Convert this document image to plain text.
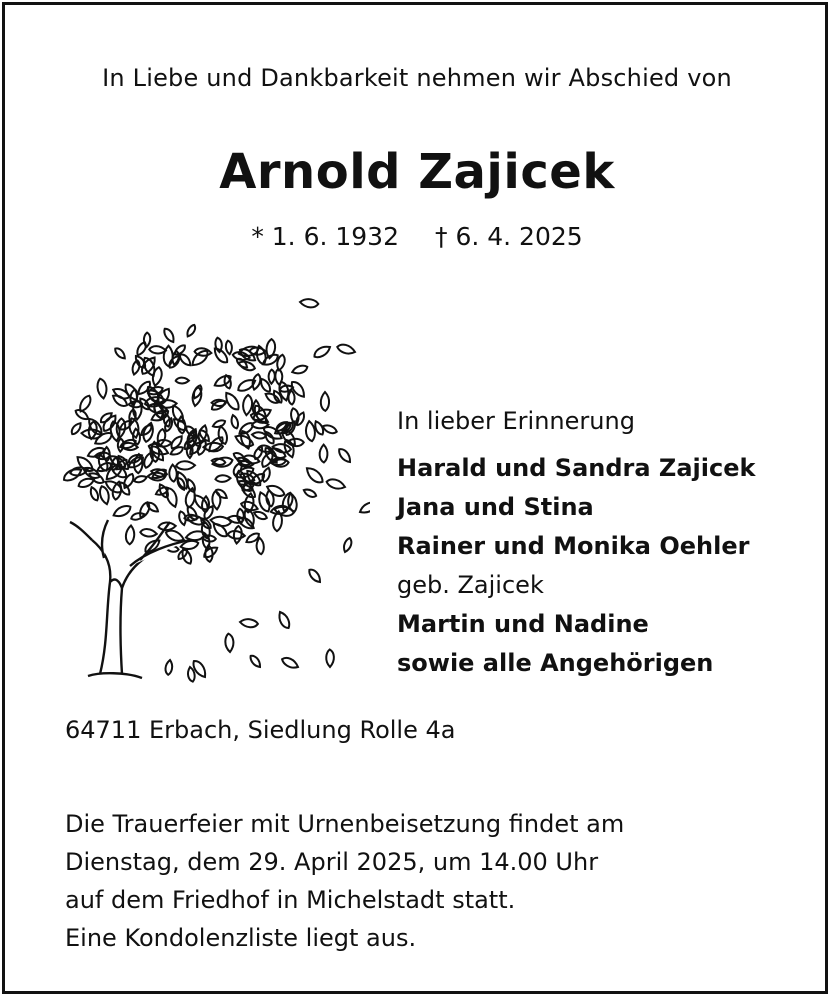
In Liebe und Dankbarkeit nehmen wir Abschied von
Arnold Zajicek
* 1. 6. 1932 † 6. 4. 2025
In lieber Erinnerung
Harald und Sandra Zajicek
Jana und Stina
Rainer und Monika Oehler
geb. Zajicek
Martin und Nadine
sowie alle Angehörigen
64711 Erbach, Siedlung Rolle 4a
Die Trauerfeier mit Urnenbeisetzung findet am
Dienstag, dem 29. April 2025, um 14.00 Uhr
auf dem Friedhof in Michelstadt statt.
Eine Kondolenzliste liegt aus.
